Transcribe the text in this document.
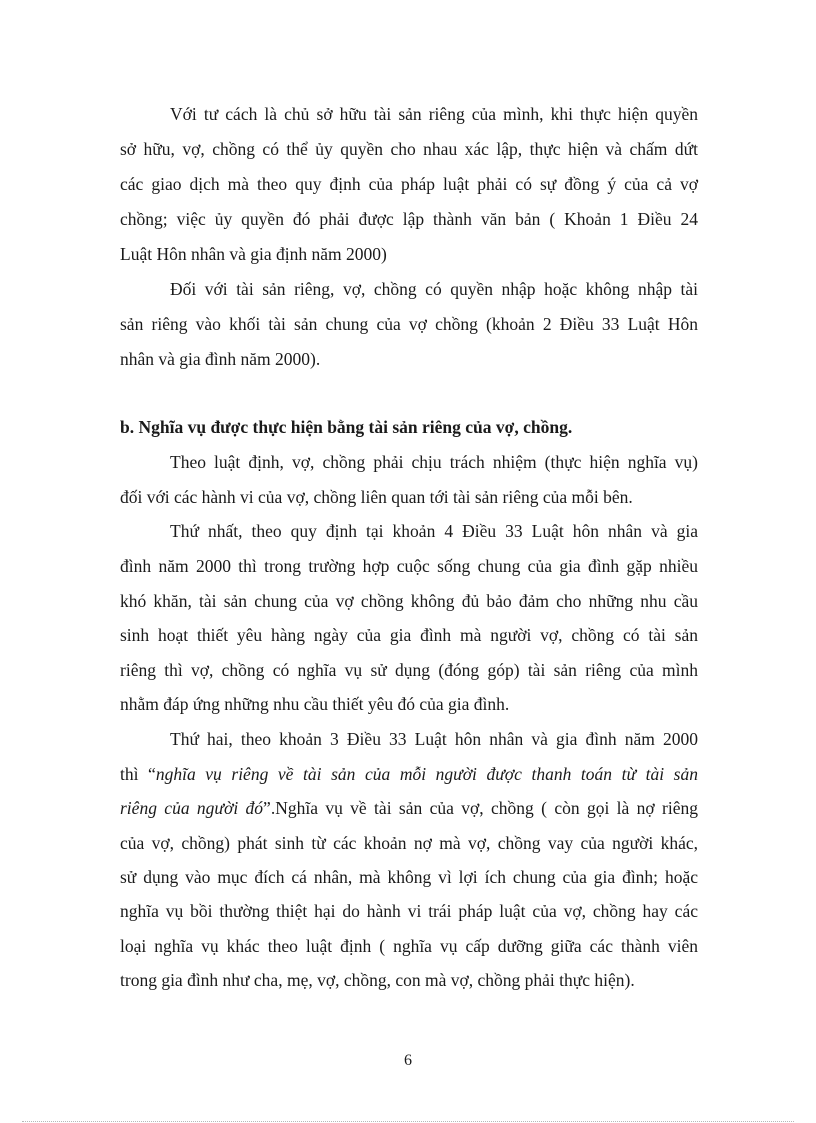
Với tư cách là chủ sở hữu tài sản riêng của mình, khi thực hiện quyền
sở hữu, vợ, chồng có thể ủy quyền cho nhau xác lập, thực hiện và chấm dứt
các giao dịch mà theo quy định của pháp luật phải có sự đồng ý của cả vợ
chồng; việc ủy quyền đó phải được lập thành văn bản ( Khoản 1 Điều 24
Luật Hôn nhân và gia định năm 2000)
Đối với tài sản riêng, vợ, chồng có quyền nhập hoặc không nhập tài
sản riêng vào khối tài sản chung của vợ chồng (khoản 2 Điều 33 Luật Hôn
nhân và gia đình năm 2000).
b. Nghĩa vụ được thực hiện bằng tài sản riêng của vợ, chồng.
Theo luật định, vợ, chồng phải chịu trách nhiệm (thực hiện nghĩa vụ)
đối với các hành vi của vợ, chồng liên quan tới tài sản riêng của mỗi bên.
Thứ nhất, theo quy định tại khoản 4 Điều 33 Luật hôn nhân và gia
đình năm 2000 thì trong trường hợp cuộc sống chung của gia đình gặp nhiều
khó khăn, tài sản chung của vợ chồng không đủ bảo đảm cho những nhu cầu
sinh hoạt thiết yêu hàng ngày của gia đình mà người vợ, chồng có tài sản
riêng thì vợ, chồng có nghĩa vụ sử dụng (đóng góp) tài sản riêng của mình
nhằm đáp ứng những nhu cầu thiết yêu đó của gia đình.
Thứ hai, theo khoản 3 Điều 33 Luật hôn nhân và gia đình năm 2000
thì “nghĩa vụ riêng về tài sản của mỗi người được thanh toán từ tài sản
riêng của người đó”.Nghĩa vụ về tài sản của vợ, chồng ( còn gọi là nợ riêng
của vợ, chồng) phát sinh từ các khoản nợ mà vợ, chồng vay của người khác,
sử dụng vào mục đích cá nhân, mà không vì lợi ích chung của gia đình; hoặc
nghĩa vụ bồi thường thiệt hại do hành vi trái pháp luật của vợ, chồng hay các
loại nghĩa vụ khác theo luật định ( nghĩa vụ cấp dưỡng giữa các thành viên
trong gia đình như cha, mẹ, vợ, chồng, con mà vợ, chồng phải thực hiện).
6
